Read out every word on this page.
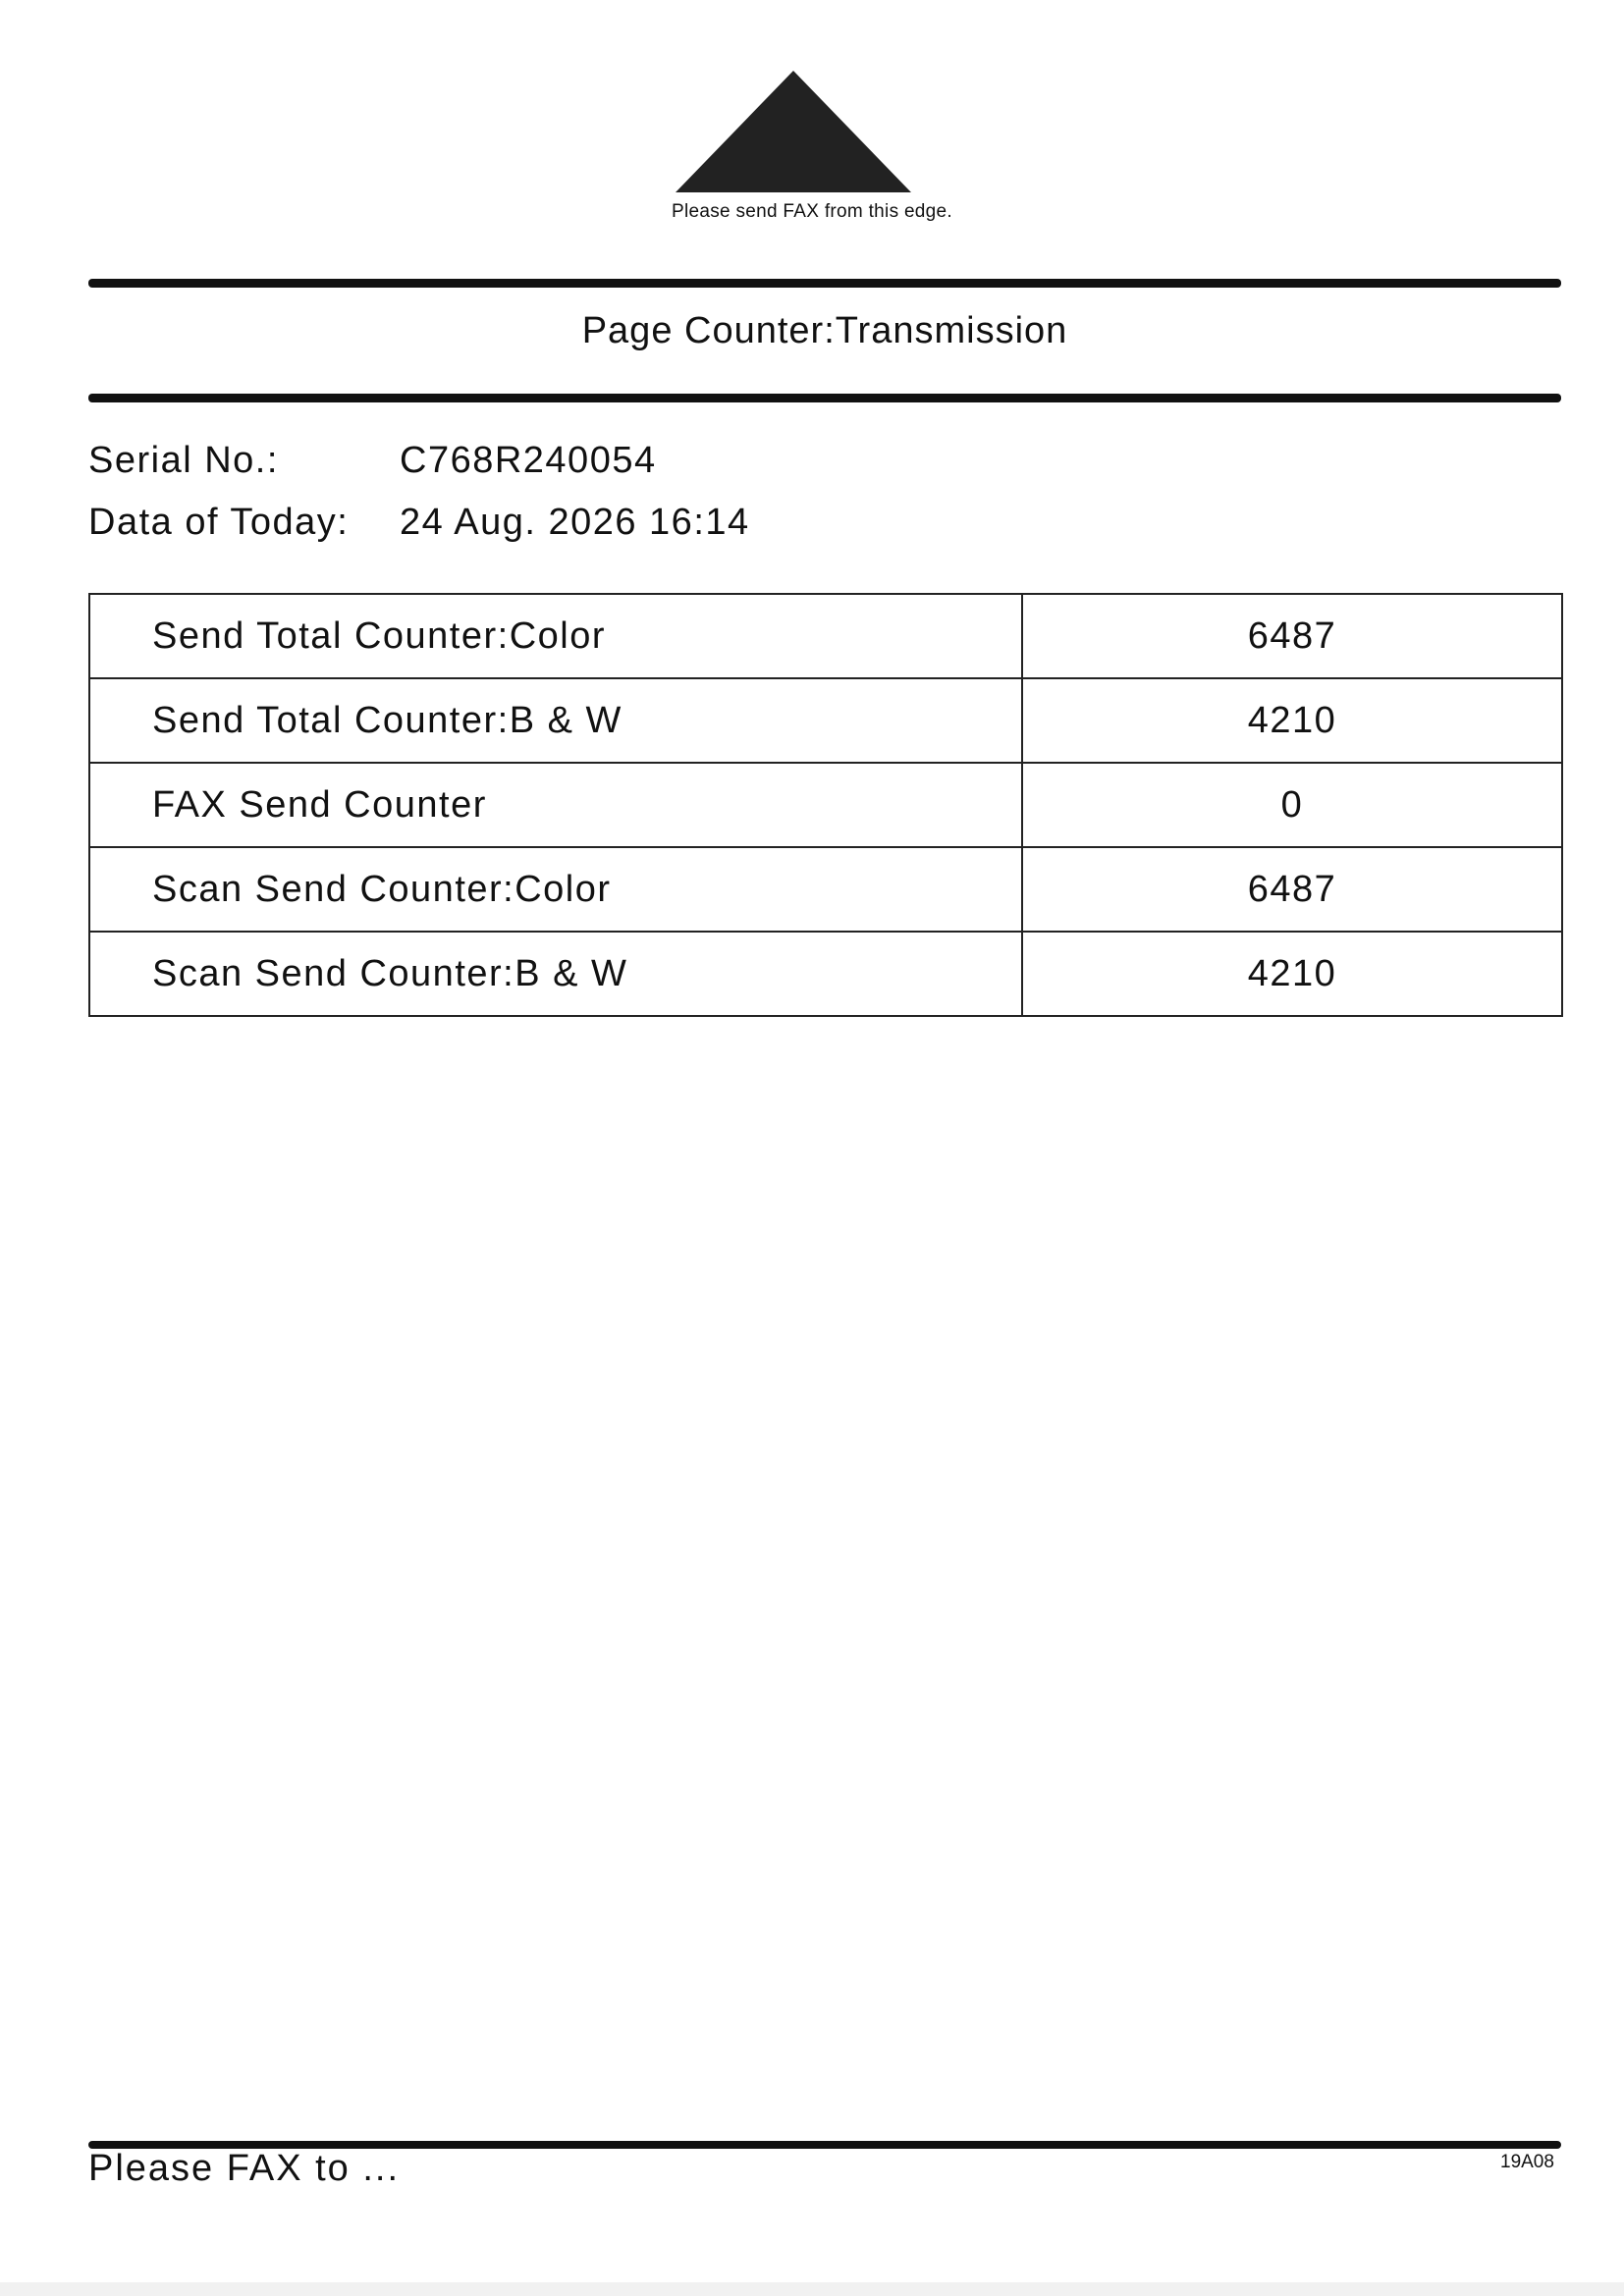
Please send FAX from this edge.
Page Counter:Transmission
Serial No.:	C768R240054
Data of Today: 24 Aug. 2026 16:14
Send Total Counter:Color	6487
Send Total Counter:B & W	4210
FAX Send Counter	0
Scan Send Counter:Color	6487
Scan Send Counter:B & W	4210
Please FAX to ...	19A08
